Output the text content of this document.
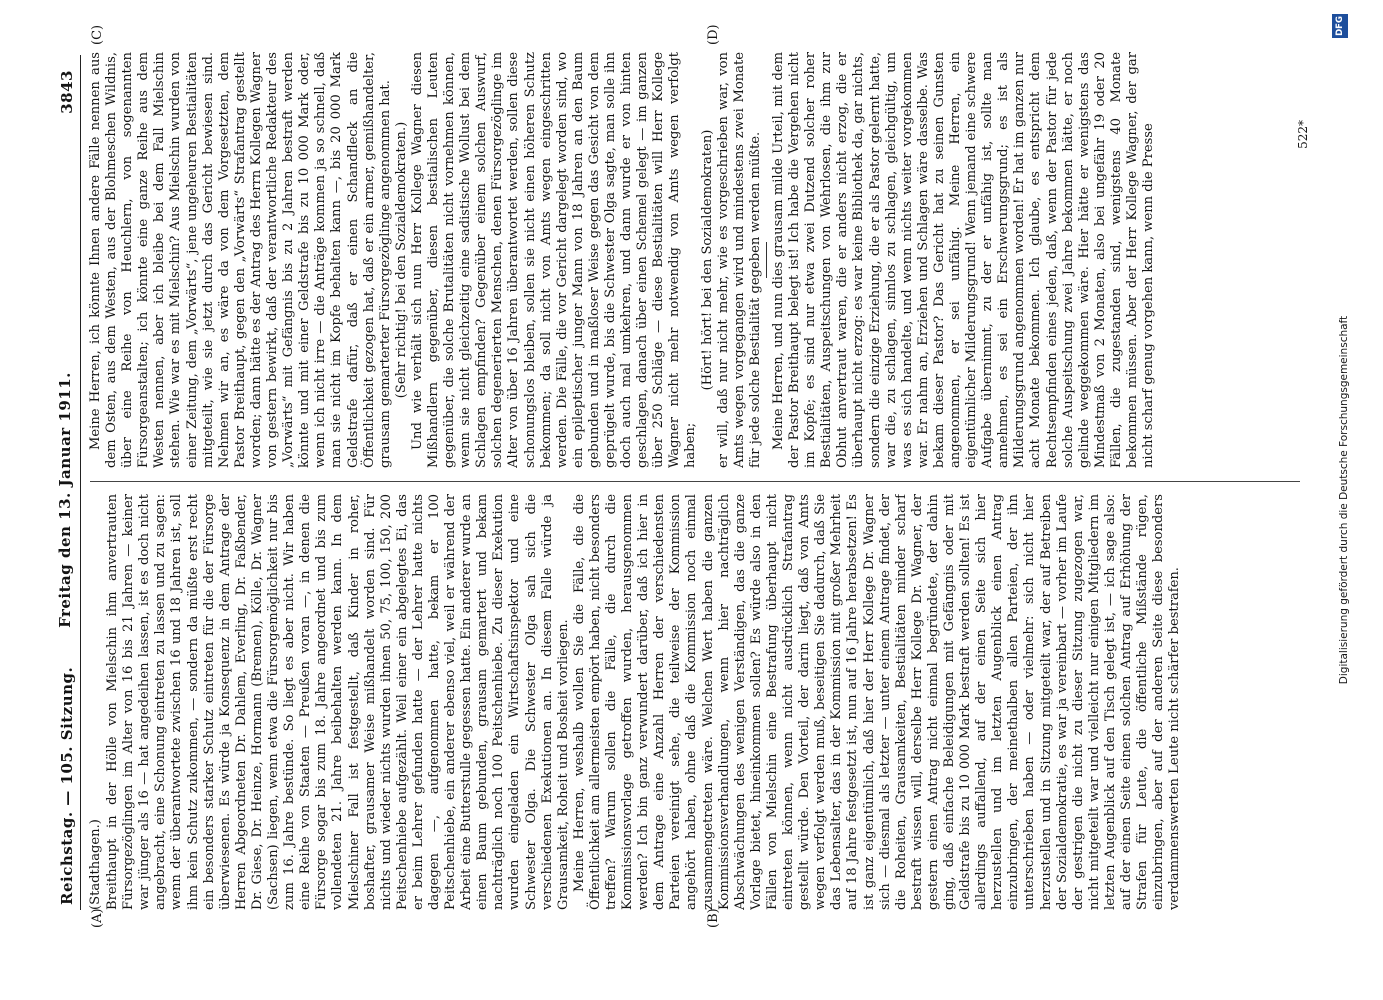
Reichstag. — 105. Sitzung.
Freitag den 13. Januar 1911.
3843
(A)	(B)
(C)	(D)

(Stadthagen.) Breithaupt in der Hölle von Mielschin ihm anvertrauten Fürsorgezöglingen im Alter von 16 bis 21 Jahren — keiner war jünger als 16 — hat angedeihen lassen, ist es doch nicht angebracht, eine Schonung eintreten zu lassen und zu sagen: wenn der überantwortete zwischen 16 und 18 Jahren ist, soll ihm kein Schutz zukommen, — sondern da müßte erst recht ein besonders starker Schutz eintreten für die der Fürsorge überwiesenen. Es würde ja Konsequenz in dem Antrage der Herren Abgeordneten Dr. Dahlem, Everling, Dr. Faßbender, Dr. Giese, Dr. Heinze, Hormann (Bremen), Kölle, Dr. Wagner (Sachsen) liegen, wenn etwa die Fürsorgemöglichkeit nur bis zum 16. Jahre bestünde. So liegt es aber nicht. Wir haben eine Reihe von Staaten — Preußen voran —, in denen die Fürsorge sogar bis zum 18. Jahre angeordnet und bis zum vollendeten 21. Jahre beibehalten werden kann. In dem Mielschiner Fall ist festgestellt, daß Kinder in roher, boshafter, grausamer Weise mißhandelt worden sind. Für nichts und wieder nichts wurden ihnen 50, 75, 100, 150, 200 Peitschenhiebe aufgezählt. Weil einer ein abgelegtes Ei, das er beim Lehrer gefunden hatte — der Lehrer hatte nichts dagegen —, aufgenommen hatte, bekam er 100 Peitschenhiebe, ein anderer ebenso viel, weil er während der Arbeit eine Butterstulle gegessen hatte. Ein anderer wurde an einen Baum gebunden, grausam gemartert und bekam nachträglich noch 100 Peitschenhiebe. Zu dieser Exekution wurden eingeladen ein Wirtschaftsinspektor und eine Schwester Olga. Die Schwester Olga sah sich die verschiedenen Exekutionen an. In diesem Falle würde ja Grausamkeit, Roheit und Bosheit vorliegen. Meine Herren, weshalb wollen Sie die Fälle, die die Öffentlichkeit am allermeisten empört haben, nicht besonders treffen? Warum sollen die Fälle, die durch die Kommissionsvorlage getroffen wurden, herausgenommen werden? Ich bin ganz verwundert darüber, daß ich hier in dem Antrage eine Anzahl Herren der verschiedensten Parteien vereinigt sehe, die teilweise der Kommission angehört haben, ohne daß die Kommission noch einmal zusammengetreten wäre. Welchen Wert haben die ganzen Kommissionsverhandlungen, wenn hier nachträglich Abschwächungen des wenigen Verständigen, das die ganze Vorlage bietet, hineinkommen sollen? Es würde also in den Fällen von Mielschin eine Bestrafung überhaupt nicht eintreten können, wenn nicht ausdrücklich Strafantrag gestellt würde. Den Vorteil, der darin liegt, daß von Amts wegen verfolgt werden muß, beseitigen Sie dadurch, daß Sie das Lebensalter, das in der Kommission mit großer Mehrheit auf 18 Jahre festgesetzt ist, nun auf 16 Jahre herabsetzen! Es ist ganz eigentümlich, daß hier der Herr Kollege Dr. Wagner sich — diesmal als letzter — unter einem Antrage findet, der die Roheiten, Grausamkeiten, Bestialitäten minder scharf bestraft wissen will, derselbe Herr Kollege Dr. Wagner, der gestern einen Antrag nicht einmal begründete, der dahin ging, daß einfache Beleidigungen mit Gefängnis oder mit Geldstrafe bis zu 10 000 Mark bestraft werden sollten! Es ist allerdings auffallend, auf der einen Seite sich hier herzustellen und im letzten Augenblick einen Antrag einzubringen, der meinethalben allen Parteien, der ihn unterschrieben haben — oder vielmehr: sich nicht hier herzustellen und in Sitzung mitgeteilt war, der auf Betreiben der Sozialdemokratie, es war ja vereinbart — vorher im Laufe der gestrigen die nicht zu dieser Sitzung zugezogen war, nicht mitgeteilt war und vielleicht nur einigen Mitgliedern im letzten Augenblick auf den Tisch gelegt ist, — ich sage also: auf der einen Seite einen solchen Antrag auf Erhöhung der Strafen für Leute, die öffentliche Mißstände rügen, einzubringen, aber auf der anderen Seite diese besonders verdammenswerten Leute nicht schärfer bestrafen.

Meine Herren, ich könnte Ihnen andere Fälle nennen aus dem Osten, aus dem Westen, aus der Blohmeschen Wildnis, über eine Reihe von Heuchlern, von sogenannten Fürsorgeanstalten; ich könnte eine ganze Reihe aus dem Westen nennen, aber ich bleibe bei dem Fall Mielschin stehen. Wie war es mit Mielschin? Aus Mielschin wurden von einer Zeitung, dem „Vorwärts“, jene ungeheuren Bestialitäten mitgeteilt, wie sie jetzt durch das Gericht bewiesen sind. Nehmen wir an, es wäre da von dem Vorgesetzten, dem Pastor Breithaupt, gegen den „Vorwärts“ Strafantrag gestellt worden; dann hätte es der Antrag des Herrn Kollegen Wagner von gestern bewirkt, daß der verantwortliche Redakteur des „Vorwärts“ mit Gefängnis bis zu 2 Jahren bestraft werden könnte und mit einer Geldstrafe bis zu 10 000 Mark oder, wenn ich nicht irre — die Anträge kommen ja so schnell, daß man sie nicht im Kopfe behalten kann —, bis 20 000 Mark Geldstrafe dafür, daß er einen Schandfleck an die Öffentlichkeit gezogen hat, daß er ein armer, gemißhandelter, grausam gemarterter Fürsorgezöglinge angenommen hat. (Sehr richtig! bei den Sozialdemokraten.) Und wie verhält sich nun Herr Kollege Wagner diesen Mißhandlern gegenüber, diesen bestialischen Leuten gegenüber, die solche Brutalitäten nicht vornehmen können, wenn sie nicht gleichzeitig eine sadistische Wollust bei dem Schlagen empfinden? Gegenüber einem solchen Auswurf, solchen degenerierten Menschen, denen Fürsorgezöglinge im Alter von über 16 Jahren überantwortet werden, sollen diese schonungslos bleiben, sollen sie nicht einen höheren Schutz bekommen; da soll nicht von Amts wegen eingeschritten werden. Die Fälle, die vor Gericht dargelegt worden sind, wo ein epileptischer junger Mann von 18 Jahren an den Baum gebunden und in maßloser Weise gegen das Gesicht von dem geprügelt wurde, bis die Schwester Olga sagte, man solle ihn doch auch mal umkehren, und dann wurde er von hinten geschlagen, danach über einen Schemel gelegt — im ganzen über 250 Schläge — diese Bestialitäten will Herr Kollege Wagner nicht mehr notwendig von Amts wegen verfolgt haben;

(Hört! hört! bei den Sozialdemokraten) er will, daß nur nicht mehr, wie es vorgeschrieben war, von Amts wegen vorgegangen wird und mindestens zwei Monate für jede solche Bestialität gegeben werden müßte. Meine Herren, und nun dies grausam milde Urteil, mit dem der Pastor Breithaupt belegt ist! Ich habe die Vergehen nicht im Kopfe; es sind nur etwa zwei Dutzend solcher roher Bestialitäten, Auspeitschungen von Wehrlosen, die ihm zur Obhut anvertraut waren, die er anders nicht erzog, die er überhaupt nicht erzog: es war keine Bibliothek da, gar nichts, sondern die einzige Erziehung, die er als Pastor gelernt hatte, war die, zu schlagen, sinnlos zu schlagen, gleichgültig, um was es sich handelte, und wenn nichts weiter vorgekommen war. Er nahm an, Erziehen und Schlagen wäre dasselbe. Was bekam dieser Pastor? Das Gericht hat zu seinen Gunsten angenommen, er sei unfähig. Meine Herren, ein eigentümlicher Milderungsgrund! Wenn jemand eine schwere Aufgabe übernimmt, zu der er unfähig ist, sollte man annehmen, es sei ein Erschwerungsgrund; es ist als Milderungsgrund angenommen worden! Er hat im ganzen nur acht Monate bekommen. Ich glaube, es entspricht dem Rechtsempfinden eines jeden, daß, wenn der Pastor für jede solche Auspeitschung zwei Jahre bekommen hätte, er noch gelinde weggekommen wäre. Hier hätte er wenigstens das Mindestmaß von 2 Monaten, also bei ungefähr 19 oder 20 Fällen, die zugestanden sind, wenigstens 40 Monate bekommen müssen. Aber der Herr Kollege Wagner, der gar nicht scharf genug vorgehen kann, wenn die Presse	522*
Digitalisierung gefördert durch die Deutsche Forschungsgemeinschaft
DFG
